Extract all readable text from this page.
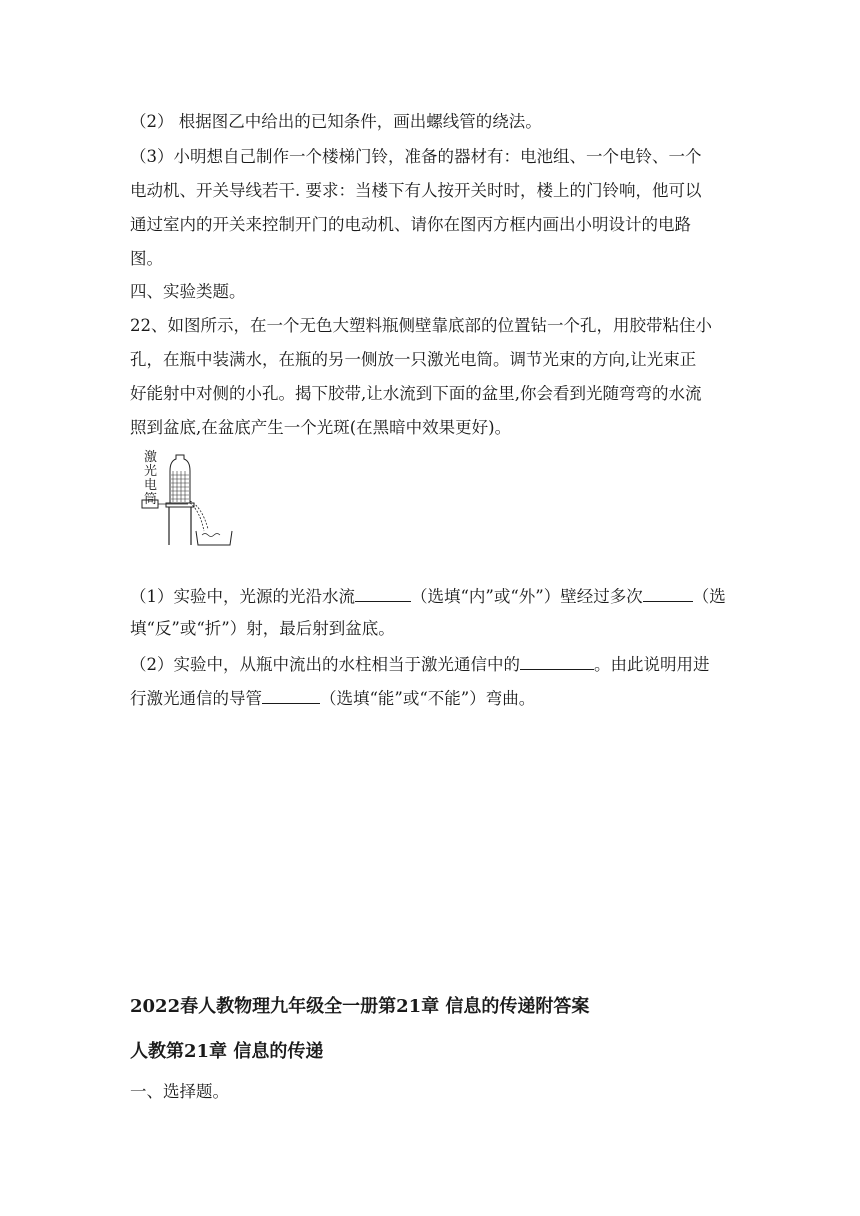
（2） 根据图乙中给出的已知条件，画出螺线管的绕法。
（3）小明想自己制作一个楼梯门铃，准备的器材有：电池组、一个电铃、一个
电动机、开关导线若干. 要求：当楼下有人按开关时时，楼上的门铃响，他可以
通过室内的开关来控制开门的电动机、请你在图丙方框内画出小明设计的电路
图。
四、实验类题。
22、如图所示，在一个无色大塑料瓶侧壁靠底部的位置钻一个孔，用胶带粘住小
孔，在瓶中装满水，在瓶的另一侧放一只激光电筒。调节光束的方向,让光束正
好能射中对侧的小孔。揭下胶带,让水流到下面的盆里,你会看到光随弯弯的水流
照到盆底,在盆底产生一个光斑(在黑暗中效果更好)。
激
光
电
筒
（1）实验中，光源的光沿水流	（选填“内”或“外”）壁经过多次	（选
填“反”或“折”）射，最后射到盆底。
（2）实验中，从瓶中流出的水柱相当于激光通信中的	。由此说明用进
行激光通信的导管	（选填“能”或“不能”）弯曲。
2022春人教物理九年级全一册第21章 信息的传递附答案
人教第21章 信息的传递
一、选择题。
